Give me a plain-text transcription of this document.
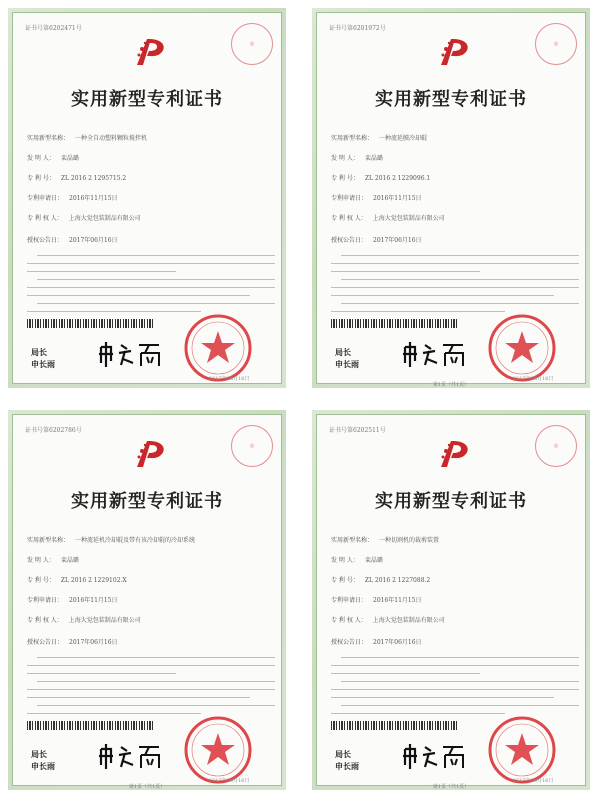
证书号第6202471号
◎
实用新型专利证书
实用新型名称： 一种全自动塑料颗粒搅拌机
发 明 人： 栾晶璐
专 利 号： ZL 2016 2 1295715.2
专利申请日： 2016年11月15日
专 利 权 人： 上海大觉包装制品有限公司
授权公告日： 2017年06月16日
局长
申长雨
2017年06月16日
证书号第6201972号
◎
实用新型专利证书
实用新型名称： 一种流延膜冷却辊
发 明 人： 栾晶璐
专 利 号： ZL 2016 2 1229096.1
专利申请日： 2016年11月15日
专 利 权 人： 上海大觉包装制品有限公司
授权公告日： 2017年06月16日
局长
申长雨
2017年06月16日
第1页（共1页）
证书号第6202786号
◎
实用新型专利证书
实用新型名称： 一种流延机冷却辊及带有该冷却辊的冷却系统
发 明 人： 栾晶璐
专 利 号： ZL 2016 2 1229102.X
专利申请日： 2016年11月15日
专 利 权 人： 上海大觉包装制品有限公司
授权公告日： 2017年06月16日
局长
申长雨
2017年06月16日
第1页（共1页）
证书号第6202511号
◎
实用新型专利证书
实用新型名称： 一种切割机的裁剪装置
发 明 人： 栾晶璐
专 利 号： ZL 2016 2 1227088.2
专利申请日： 2016年11月15日
专 利 权 人： 上海大觉包装制品有限公司
授权公告日： 2017年06月16日
局长
申长雨
2017年06月16日
第1页（共1页）
